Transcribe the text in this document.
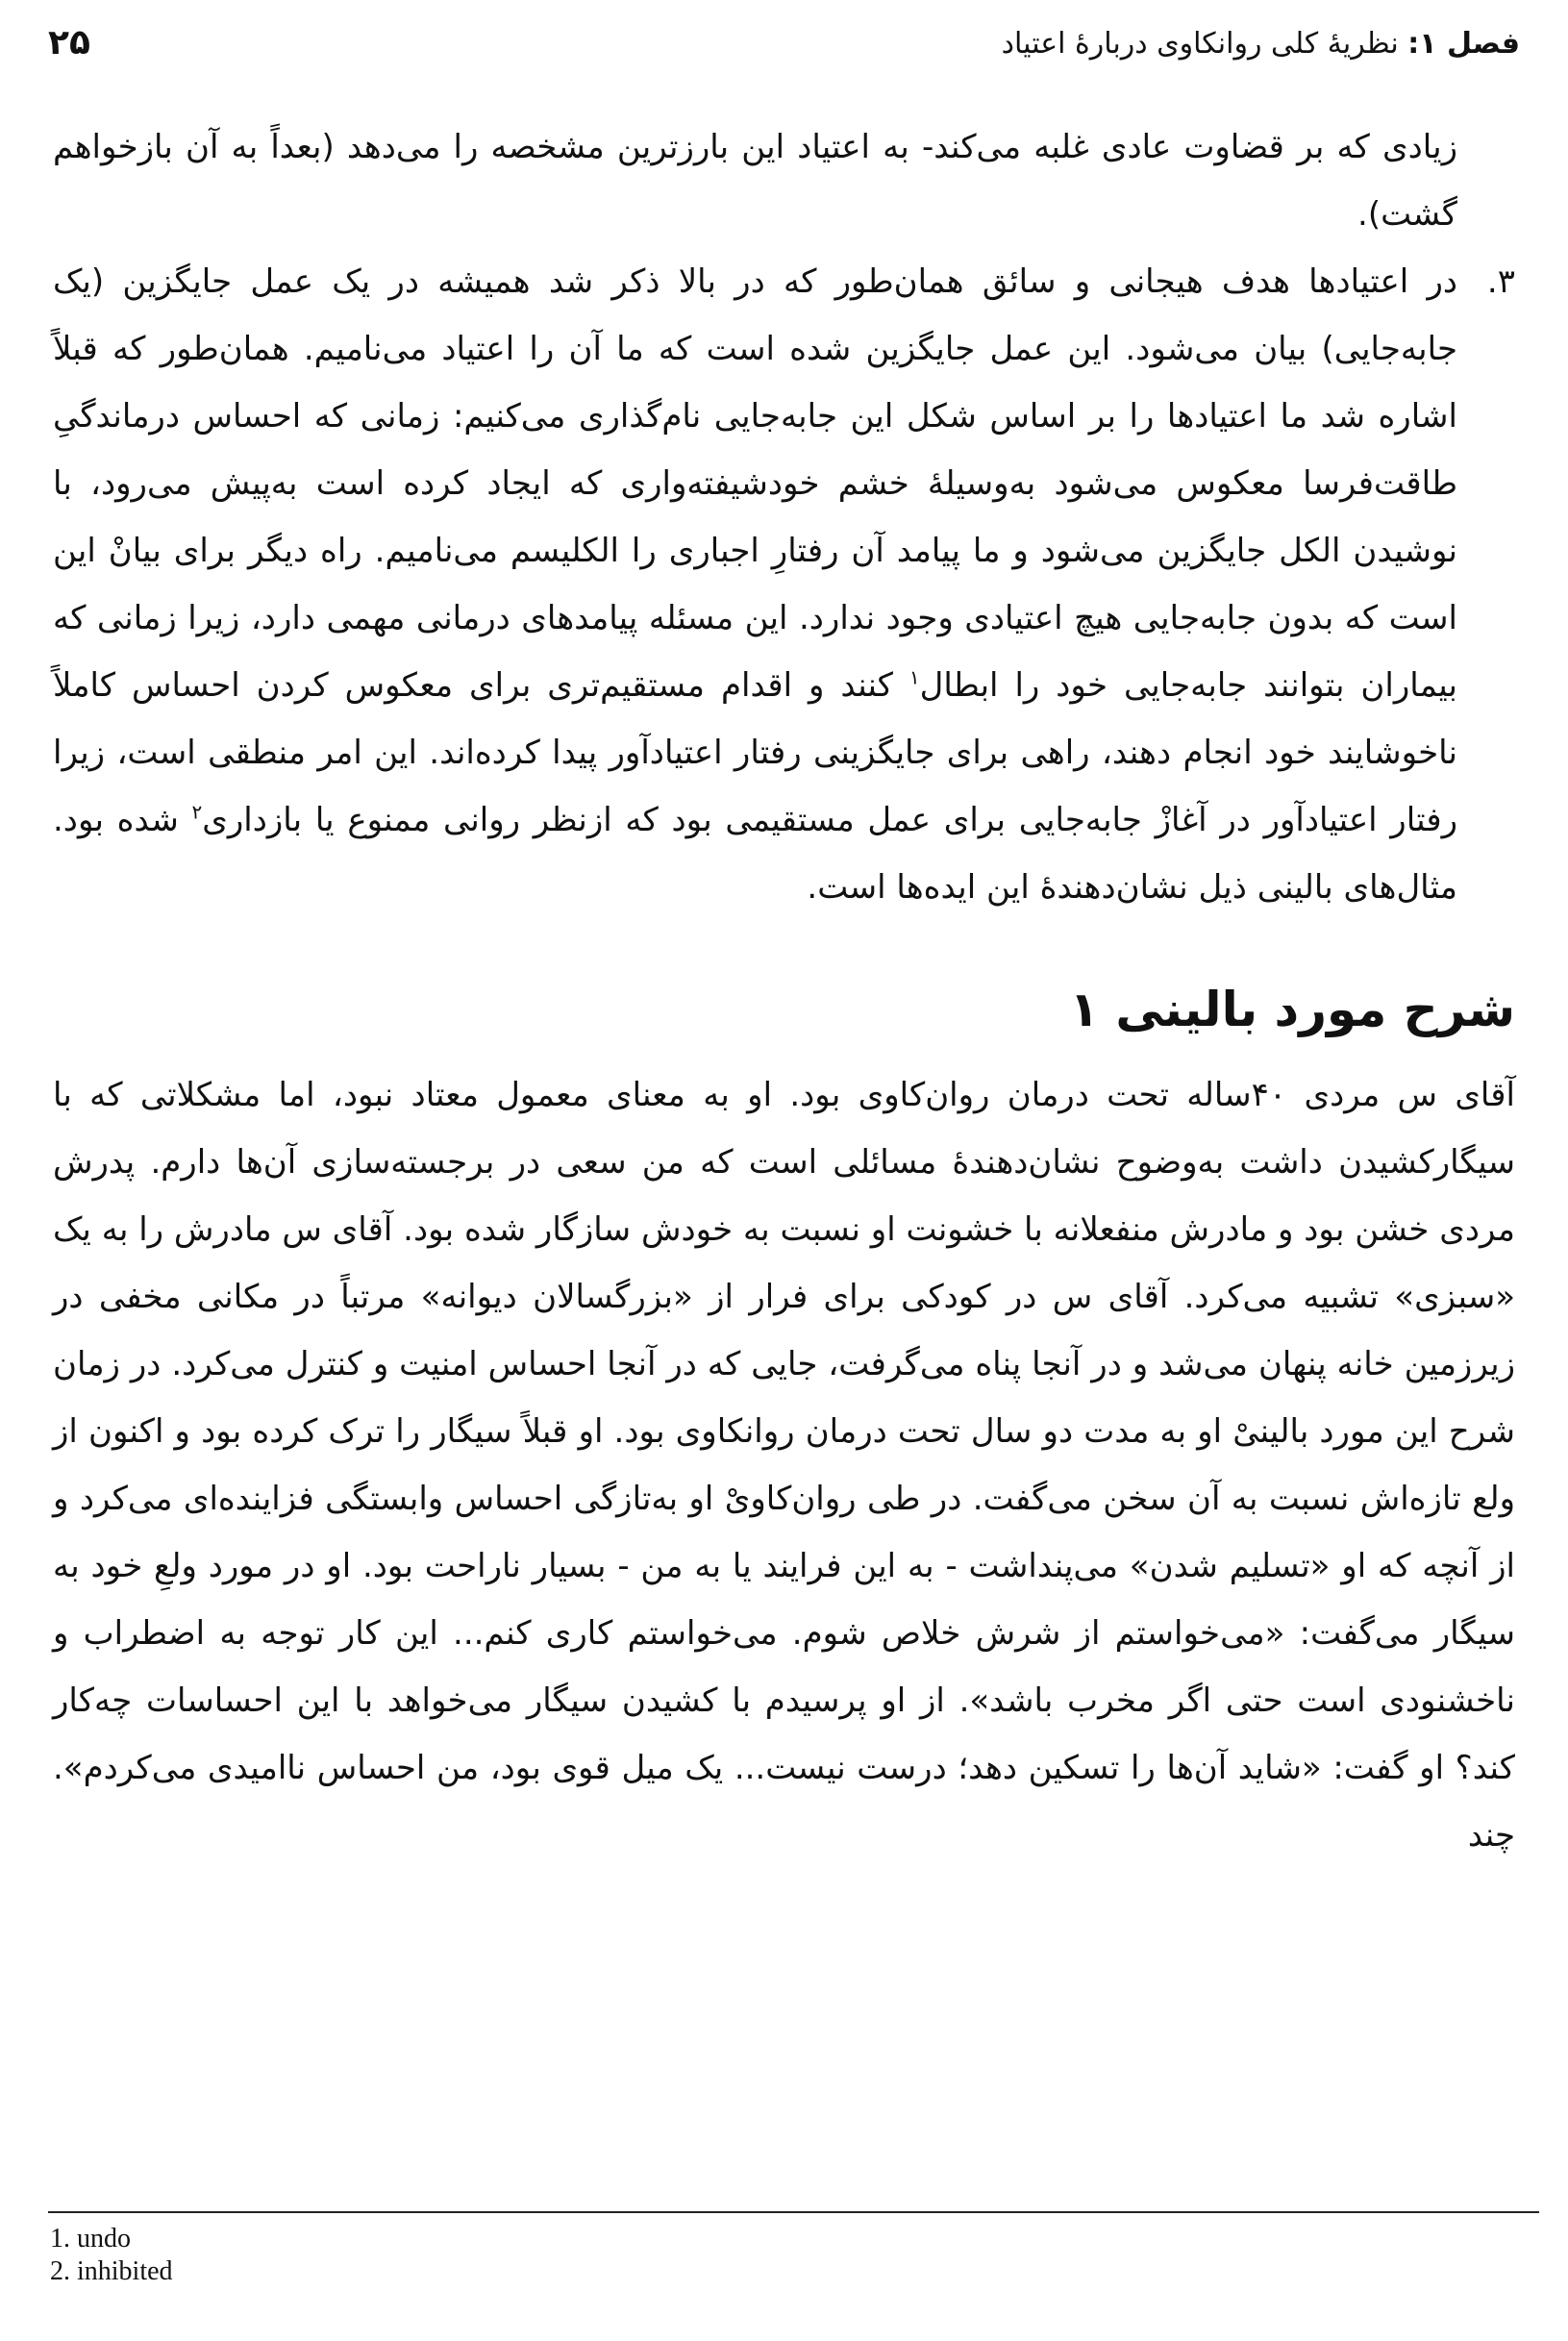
فصل ۱: نظریهٔ کلی روانکاوی دربارهٔ اعتیاد
۲۵

زیادی که بر قضاوت عادی غلبه می‌کند- به اعتیاد این بارزترین مشخصه را می‌دهد (بعداً به آن بازخواهم گشت).

۳.
در اعتیادها هدف هیجانی و سائق همان‌طور که در بالا ذکر شد همیشه در یک عمل جایگزین (یک جابه‌جایی) بیان می‌شود. این عمل جایگزین شده است که ما آن را اعتیاد می‌نامیم. همان‌طور که قبلاً اشاره شد ما اعتیادها را بر اساس شکل این جابه‌جایی نام‌گذاری می‌کنیم: زمانی که احساس درماندگیِ طاقت‌فرسا معکوس می‌شود به‌وسیلهٔ خشم خودشیفته‌واری که ایجاد کرده است به‌پیش می‌رود، با نوشیدن الکل جایگزین می‌شود و ما پیامد آن رفتارِ اجباری را الکلیسم می‌نامیم. راه دیگر برای بیانْ این است که بدون جابه‌جایی هیچ اعتیادی وجود ندارد. این مسئله پیامدهای درمانی مهمی دارد، زیرا زمانی که بیماران بتوانند جابه‌جایی خود را ابطال$^۱$ کنند و اقدام مستقیم‌تری برای معکوس کردن احساس کاملاً ناخوشایند خود انجام دهند، راهی برای جایگزینی رفتار اعتیادآور پیدا کرده‌اند. این امر منطقی است، زیرا رفتار اعتیادآور در آغازْ جابه‌جایی برای عمل مستقیمی بود که ازنظر روانی ممنوع یا بازداری$^۲$ شده بود. مثال‌های بالینی ذیل نشان‌دهندهٔ این ایده‌ها است.

شرح مورد بالینی ۱

آقای س مردی ۴۰ساله تحت درمان روان‌کاوی بود. او به معنای معمول معتاد نبود، اما مشکلاتی که با سیگارکشیدن داشت به‌وضوح نشان‌دهندهٔ مسائلی است که من سعی در برجسته‌سازی آن‌ها دارم. پدرش مردی خشن بود و مادرش منفعلانه با خشونت او نسبت به خودش سازگار شده بود. آقای س مادرش را به یک «سبزی» تشبیه می‌کرد. آقای س در کودکی برای فرار از «بزرگسالان دیوانه» مرتباً در مکانی مخفی در زیرزمین خانه پنهان می‌شد و در آنجا پناه می‌گرفت، جایی که در آنجا احساس امنیت و کنترل می‌کرد. در زمان شرح این مورد بالینیْ او به مدت دو سال تحت درمان روانکاوی بود. او قبلاً سیگار را ترک کرده بود و اکنون از ولع تازه‌اش نسبت به آن سخن می‌گفت. در طی روان‌کاویْ او به‌تازگی احساس وابستگی فزاینده‌ای می‌کرد و از آنچه که او «تسلیم شدن» می‌پنداشت - به این فرایند یا به من - بسیار ناراحت بود. او در مورد ولعِ خود به سیگار می‌گفت: «می‌خواستم از شرش خلاص شوم. می‌خواستم کاری کنم... این کار توجه به اضطراب و ناخشنودی است حتی اگر مخرب باشد». از او پرسیدم با کشیدن سیگار می‌خواهد با این احساسات چه‌کار کند؟ او گفت: «شاید آن‌ها را تسکین دهد؛ درست نیست... یک میل قوی بود، من احساس ناامیدی می‌کردم». چند

1. undo
2. inhibited
